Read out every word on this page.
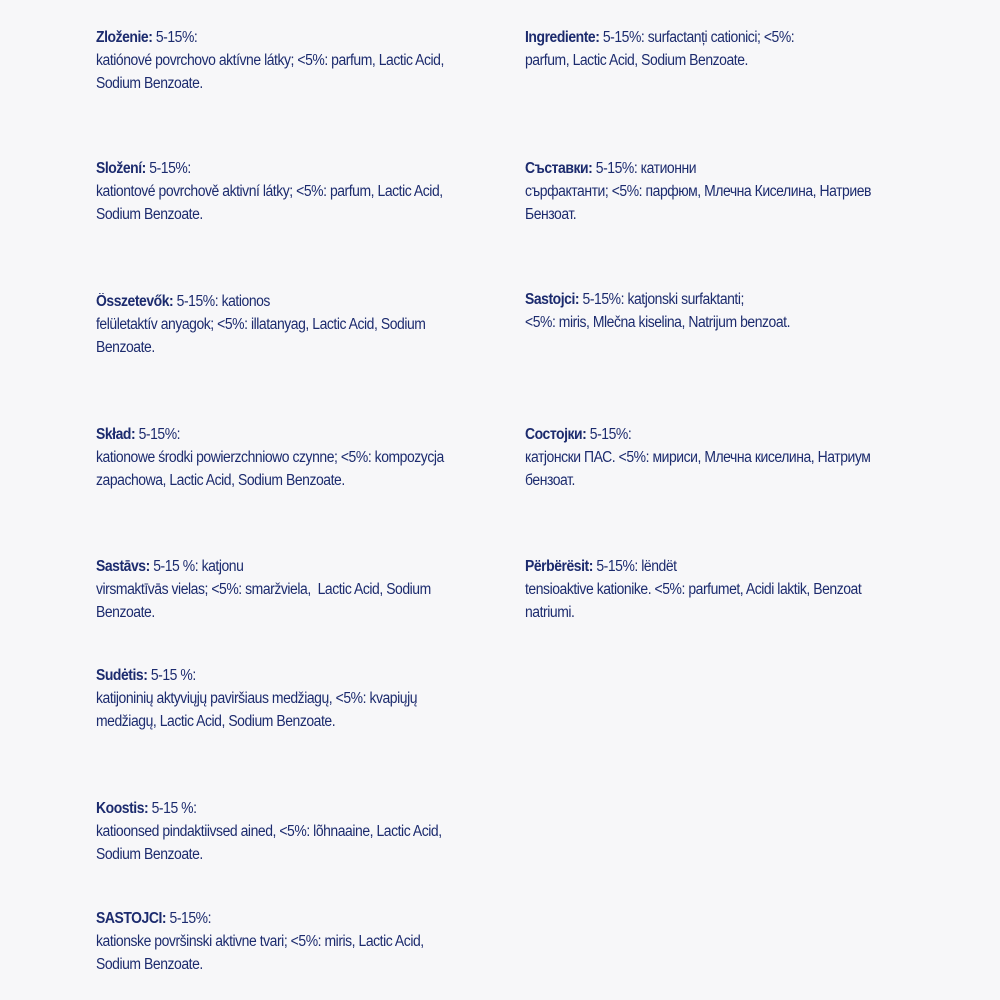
Zloženie: 5-15%:
katiónové povrchovo aktívne látky; <5%: parfum, Lactic Acid,
Sodium Benzoate.
Složení: 5-15%:
kationtové povrchově aktivní látky; <5%: parfum, Lactic Acid,
Sodium Benzoate.
Összetevők: 5-15%: kationos
felületaktív anyagok; <5%: illatanyag, Lactic Acid, Sodium
Benzoate.
Skład: 5-15%:
kationowe środki powierzchniowo czynne; <5%: kompozycja
zapachowa, Lactic Acid, Sodium Benzoate.
Sastāvs: 5-15 %: katjonu
virsmaktīvās vielas; <5%: smaržviela,  Lactic Acid, Sodium
Benzoate.
Sudėtis: 5-15 %:
katijoninių aktyviųjų paviršiaus medžiagų, <5%: kvapiųjų
medžiagų, Lactic Acid, Sodium Benzoate.
Koostis: 5-15 %:
katioonsed pindaktiivsed ained, <5%: lõhnaaine, Lactic Acid,
Sodium Benzoate.
SASTOJCI: 5-15%:
kationske površinski aktivne tvari; <5%: miris, Lactic Acid,
Sodium Benzoate.
Ingrediente: 5-15%: surfactanți cationici; <5%:
parfum, Lactic Acid, Sodium Benzoate.
Съставки: 5-15%: катионни
сърфактанти; <5%: парфюм, Млечна Киселина, Натриев
Бензоат.
Sastojci: 5-15%: katjonski surfaktanti;
<5%: miris, Mlečna kiselina, Natrijum benzoat.
Состојки: 5-15%:
катјонски ПАС. <5%: мириси, Млечна киселина, Натриум
бензоат.
Përbërësit: 5-15%: lëndët
tensioaktive kationike. <5%: parfumet, Acidi laktik, Benzoat
natriumi.
